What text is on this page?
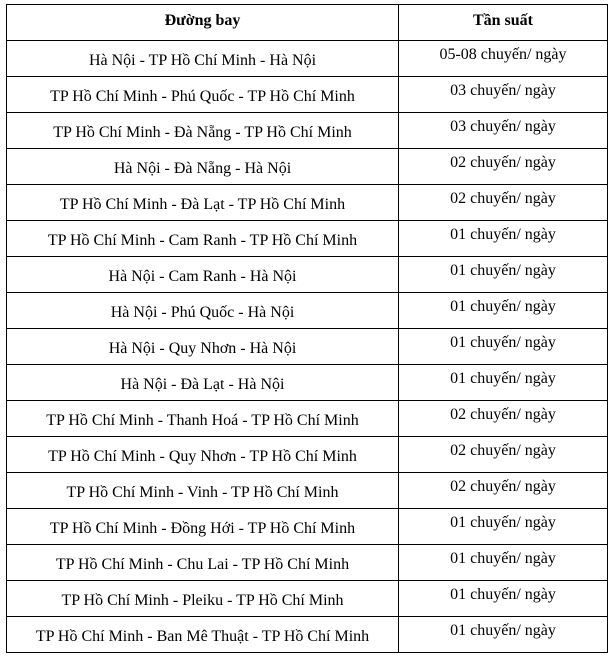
Đường bay	Tần suất
Hà Nội - TP Hồ Chí Minh - Hà Nội	05-08 chuyến/ ngày
TP Hồ Chí Minh - Phú Quốc - TP Hồ Chí Minh	03 chuyến/ ngày
TP Hồ Chí Minh - Đà Nẵng - TP Hồ Chí Minh	03 chuyến/ ngày
Hà Nội - Đà Nẵng - Hà Nội	02 chuyến/ ngày
TP Hồ Chí Minh - Đà Lạt - TP Hồ Chí Minh	02 chuyến/ ngày
TP Hồ Chí Minh - Cam Ranh - TP Hồ Chí Minh	01 chuyến/ ngày
Hà Nội - Cam Ranh - Hà Nội	01 chuyến/ ngày
Hà Nội - Phú Quốc - Hà Nội	01 chuyến/ ngày
Hà Nội - Quy Nhơn - Hà Nội	01 chuyến/ ngày
Hà Nội - Đà Lạt - Hà Nội	01 chuyến/ ngày
TP Hồ Chí Minh - Thanh Hoá - TP Hồ Chí Minh	02 chuyến/ ngày
TP Hồ Chí Minh - Quy Nhơn - TP Hồ Chí Minh	02 chuyến/ ngày
TP Hồ Chí Minh - Vinh - TP Hồ Chí Minh	02 chuyến/ ngày
TP Hồ Chí Minh - Đồng Hới - TP Hồ Chí Minh	01 chuyến/ ngày
TP Hồ Chí Minh - Chu Lai - TP Hồ Chí Minh	01 chuyến/ ngày
TP Hồ Chí Minh - Pleiku - TP Hồ Chí Minh	01 chuyến/ ngày
TP Hồ Chí Minh - Ban Mê Thuật - TP Hồ Chí Minh	01 chuyến/ ngày
